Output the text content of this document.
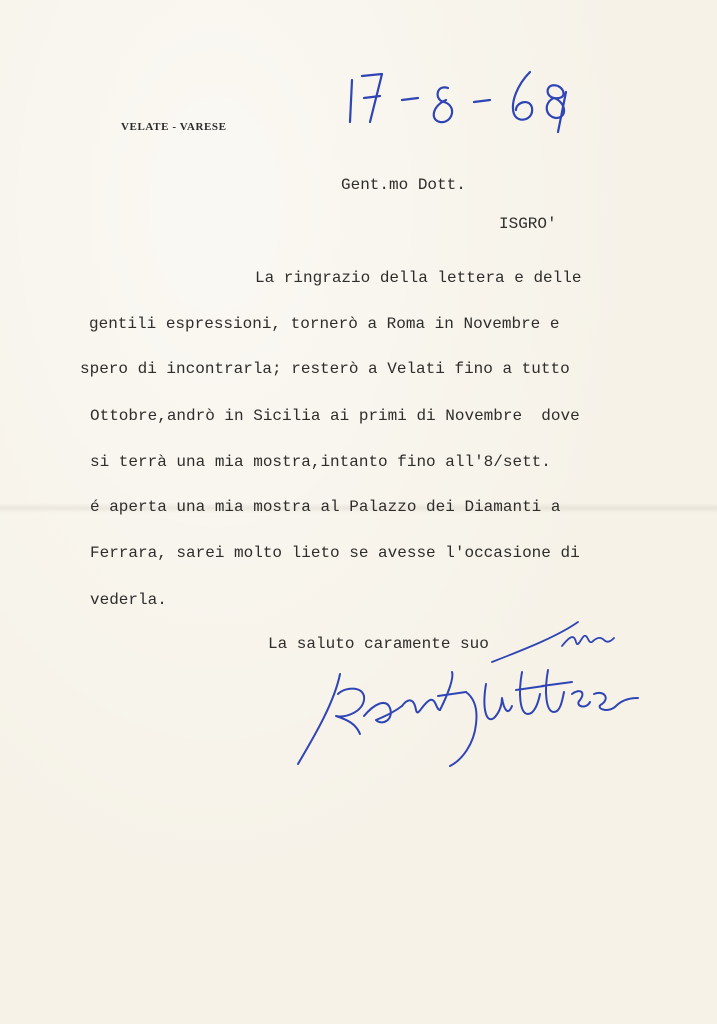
VELATE - VARESE
Gent.mo Dott.
ISGRO'
La ringrazio della lettera e delle
gentili espressioni, tornerò a Roma in Novembre e
spero di incontrarla; resterò a Velati fino a tutto
Ottobre,andrò in Sicilia ai primi di Novembre  dove
si terrà una mia mostra,intanto fino all'8/sett.
é aperta una mia mostra al Palazzo dei Diamanti a
Ferrara, sarei molto lieto se avesse l'occasione di
vederla.
La saluto caramente suo
